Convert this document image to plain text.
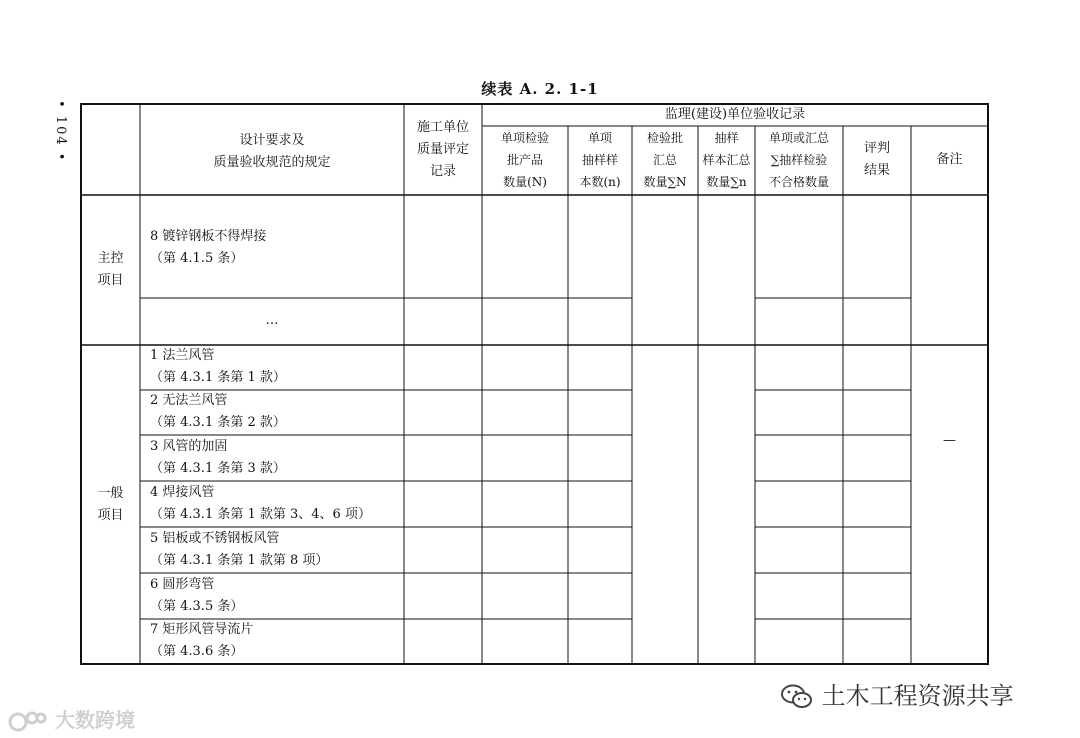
续表 A. 2. 1-1
• 104 •	设计要求及
质量验收规范的规定
施工单位
质量评定
记录
监理(建设)单位验收记录
单项检验
批产品
数量(N)
单项
抽样样
本数(n)
检验批
汇总
数量∑N
抽样
样本汇总
数量∑n
单项或汇总
∑抽样检验
不合格数量
评判
结果
备注
主控
项目
8 镀锌钢板不得焊接
（第 4.1.5 条）
…
一般
项目
1 法兰风管
（第 4.3.1 条第 1 款）
2 无法兰风管
（第 4.3.1 条第 2 款）
3 风管的加固
（第 4.3.1 条第 3 款）
4 焊接风管
（第 4.3.1 条第 1 款第 3、4、6 项）
5 铝板或不锈钢板风管
（第 4.3.1 条第 1 款第 8 项）
6 圆形弯管
（第 4.3.5 条）
7 矩形风管导流片
（第 4.3.6 条）
—
土木工程资源共享
大数跨境
